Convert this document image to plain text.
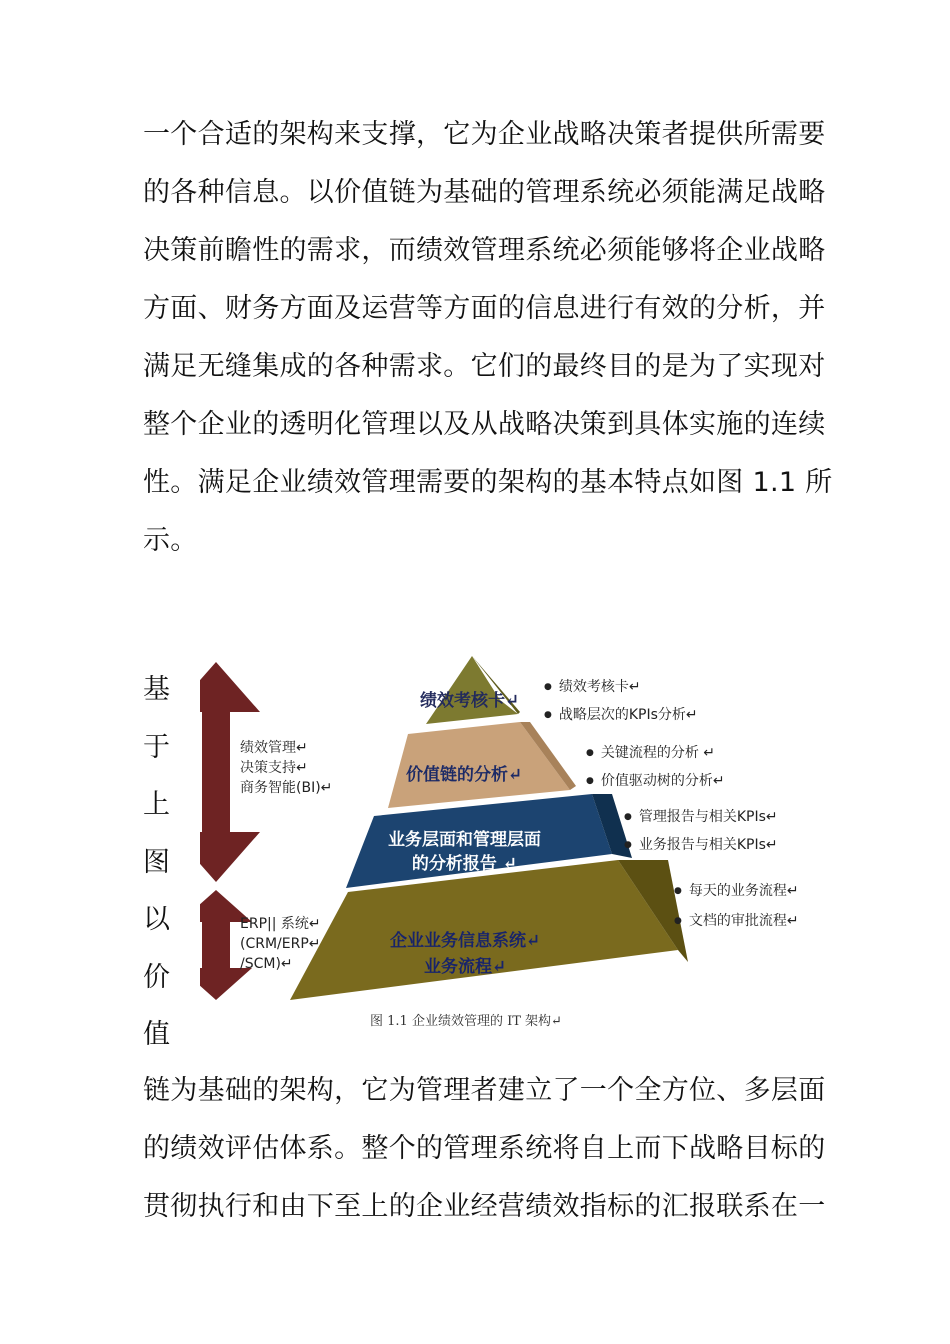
一个合适的架构来支撑，它为企业战略决策者提供所需要
的各种信息。以价值链为基础的管理系统必须能满足战略
决策前瞻性的需求，而绩效管理系统必须能够将企业战略
方面、财务方面及运营等方面的信息进行有效的分析，并
满足无缝集成的各种需求。它们的最终目的是为了实现对
整个企业的透明化管理以及从战略决策到具体实施的连续
性。满足企业绩效管理需要的架构的基本特点如图 1.1 所
示。
基
于
上
图
以
价
值
绩效管理↵
决策支持↵
商务智能(BI)↵
ERP|| 系统↵
(CRM/ERP↵
/SCM)↵
绩效考核卡↵
价值链的分析↵
业务层面和管理层面
的分析报告 ↵
企业业务信息系统↵
业务流程↵
● 绩效考核卡↵
● 战略层次的KPIs分析↵
● 关键流程的分析 ↵
● 价值驱动树的分析↵
● 管理报告与相关KPIs↵
● 业务报告与相关KPIs↵
● 每天的业务流程↵
● 文档的审批流程↵
图 1.1 企业绩效管理的 IT 架构↵
链为基础的架构，它为管理者建立了一个全方位、多层面
的绩效评估体系。整个的管理系统将自上而下战略目标的
贯彻执行和由下至上的企业经营绩效指标的汇报联系在一
